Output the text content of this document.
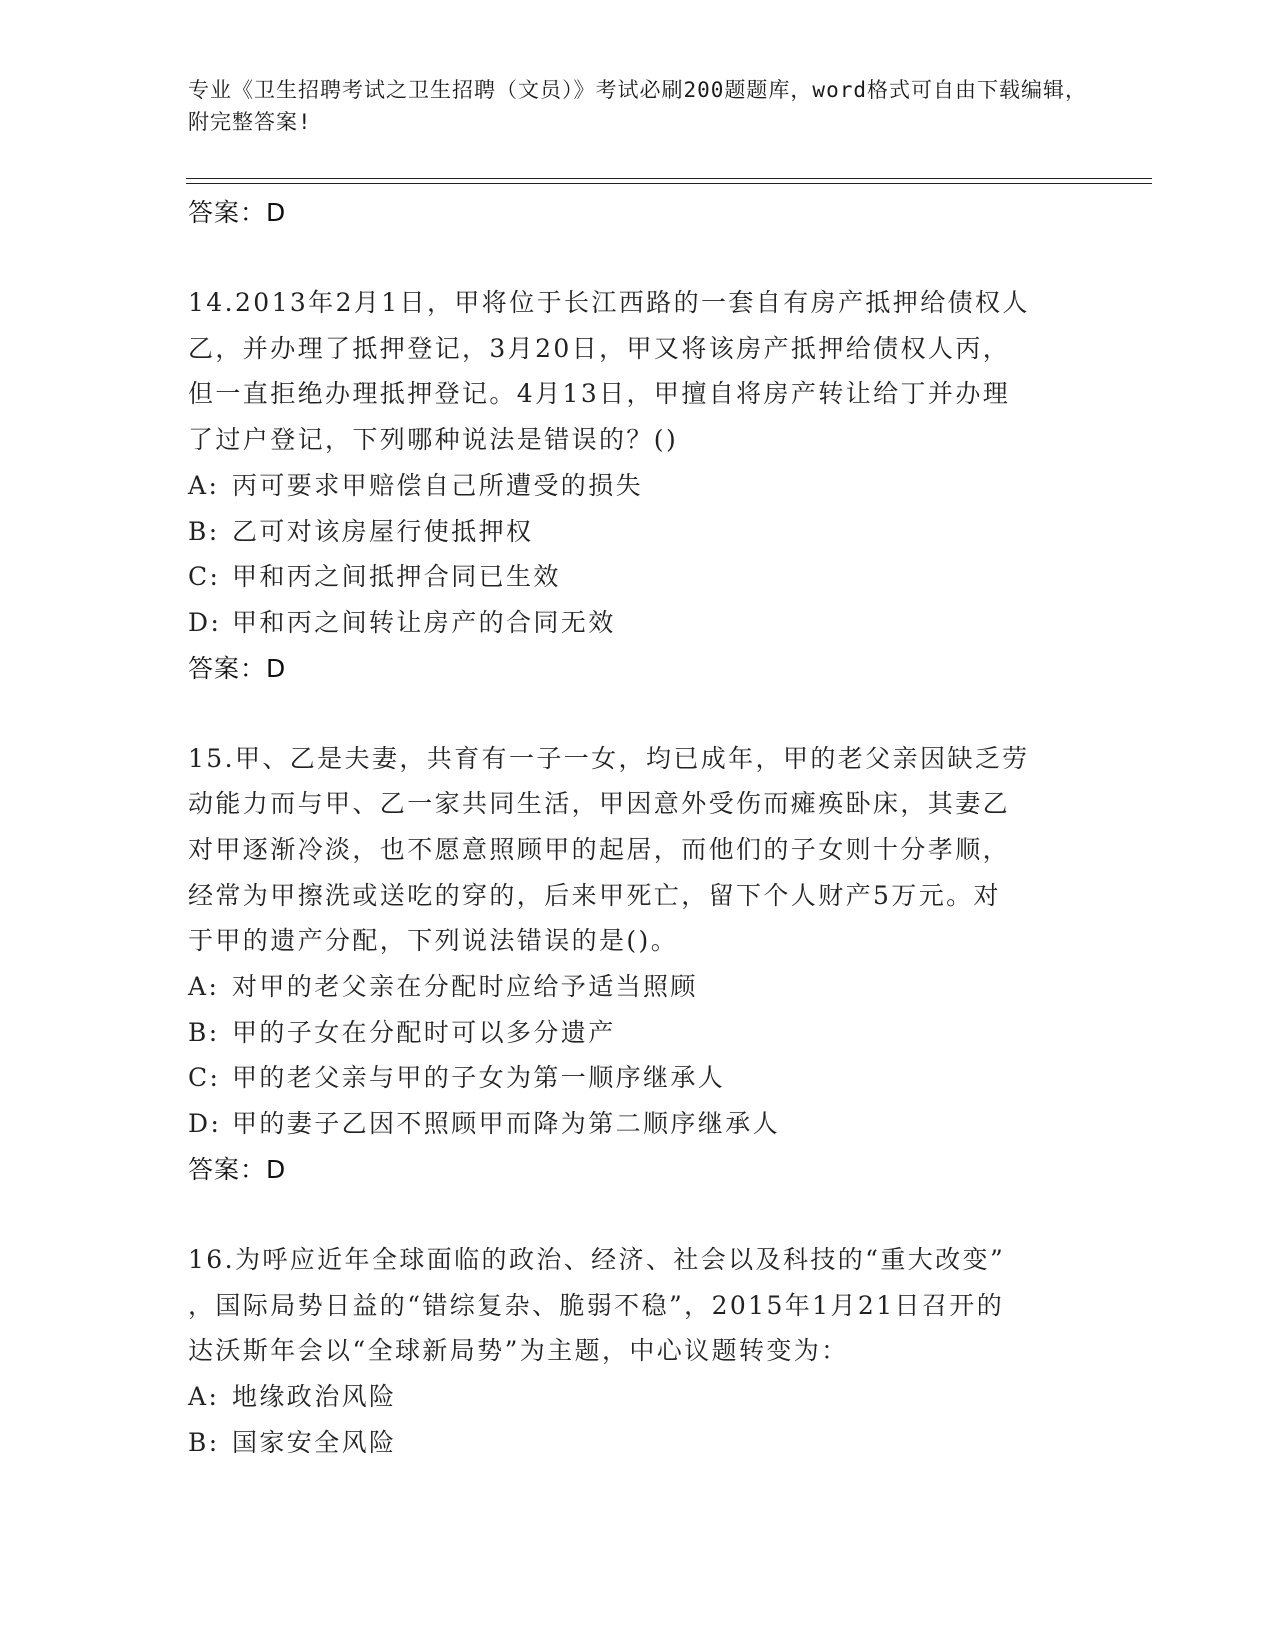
专业《卫生招聘考试之卫生招聘（文员）》考试必刷200题题库，word格式可自由下载编辑，附完整答案!
答案：D
14.2013年2月1日，甲将位于长江西路的一套自有房产抵押给债权人
乙，并办理了抵押登记，3月20日，甲又将该房产抵押给债权人丙，
但一直拒绝办理抵押登记。4月13日，甲擅自将房产转让给丁并办理
了过户登记，下列哪种说法是错误的？()
A: 丙可要求甲赔偿自己所遭受的损失
B: 乙可对该房屋行使抵押权
C: 甲和丙之间抵押合同已生效
D: 甲和丙之间转让房产的合同无效
答案：D
15.甲、乙是夫妻，共育有一子一女，均已成年，甲的老父亲因缺乏劳
动能力而与甲、乙一家共同生活，甲因意外受伤而瘫痪卧床，其妻乙
对甲逐渐冷淡，也不愿意照顾甲的起居，而他们的子女则十分孝顺，
经常为甲擦洗或送吃的穿的，后来甲死亡，留下个人财产5万元。对
于甲的遗产分配，下列说法错误的是()。
A: 对甲的老父亲在分配时应给予适当照顾
B: 甲的子女在分配时可以多分遗产
C: 甲的老父亲与甲的子女为第一顺序继承人
D: 甲的妻子乙因不照顾甲而降为第二顺序继承人
答案：D
16.为呼应近年全球面临的政治、经济、社会以及科技的“重大改变”
，国际局势日益的“错综复杂、脆弱不稳”，2015年1月21日召开的
达沃斯年会以“全球新局势”为主题，中心议题转变为：
A: 地缘政治风险
B: 国家安全风险
